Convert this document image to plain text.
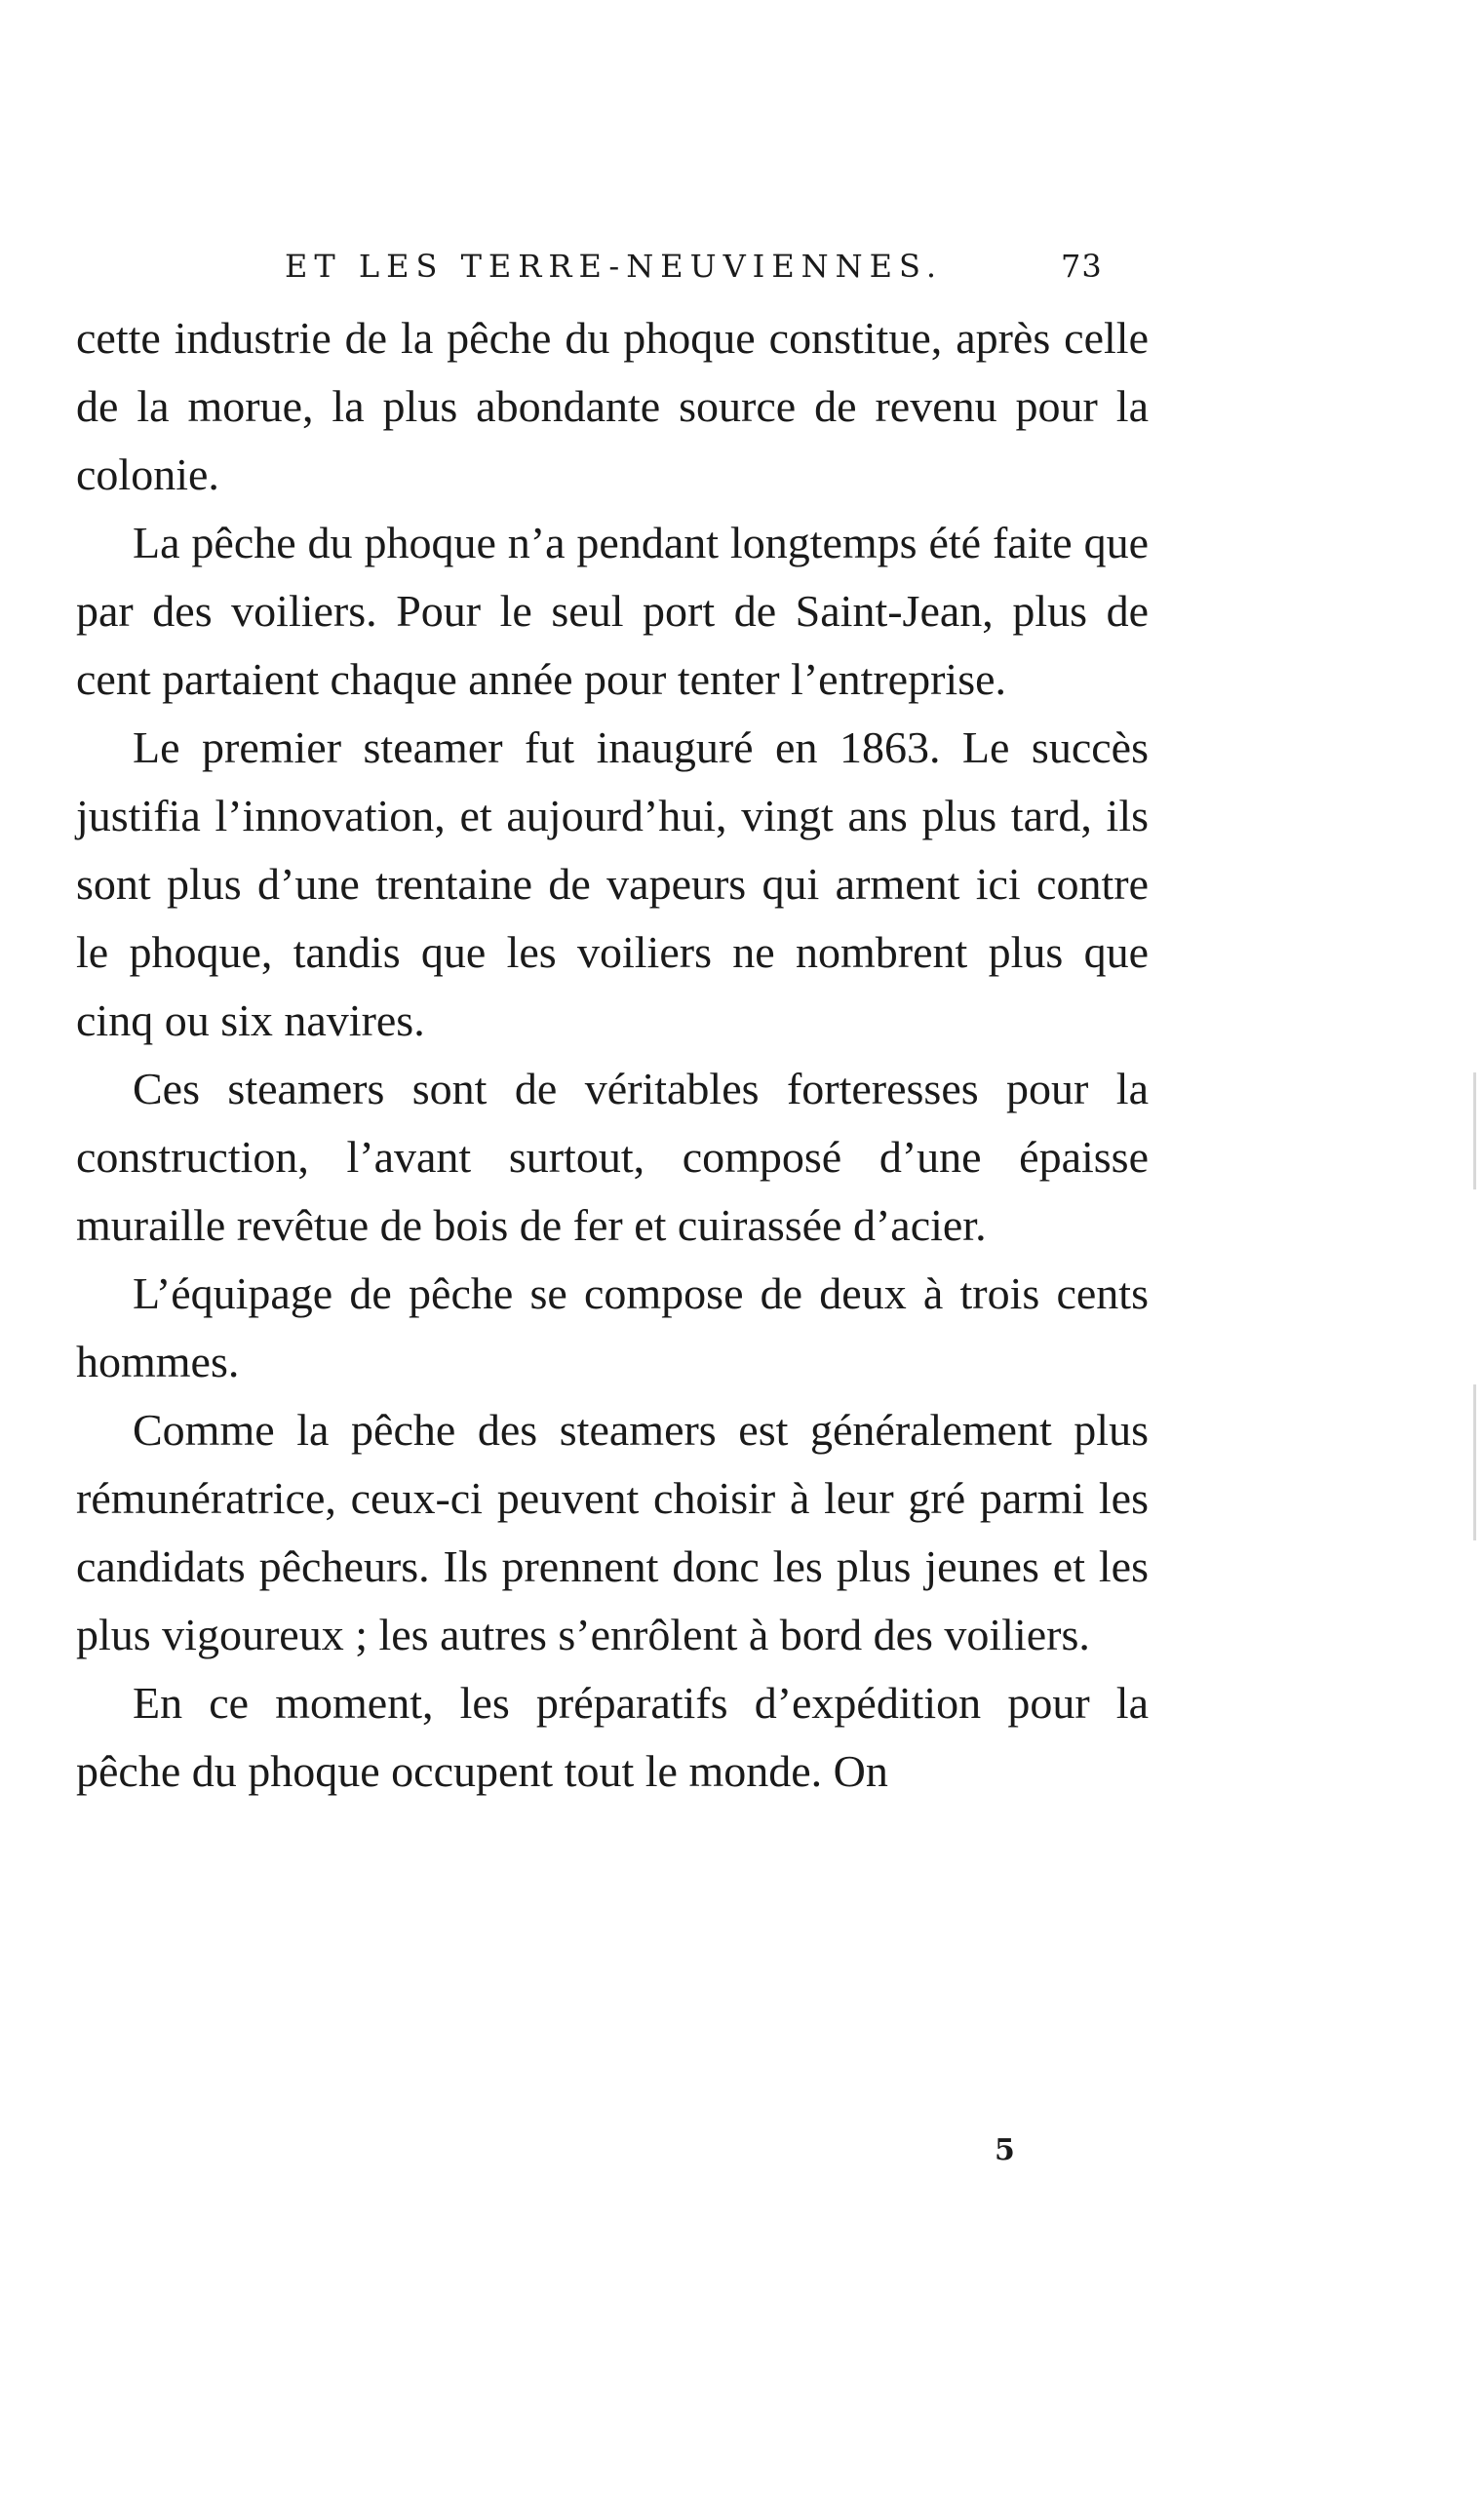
ET LES TERRE-NEUVIENNES.	73

cette industrie de la pêche du phoque constitue, après celle de la morue, la plus abondante source de revenu pour la colonie.

La pêche du phoque n’a pendant longtemps été faite que par des voiliers. Pour le seul port de Saint-Jean, plus de cent partaient chaque année pour tenter l’entreprise.

Le premier steamer fut inauguré en 1863. Le succès justifia l’innovation, et aujourd’hui, vingt ans plus tard, ils sont plus d’une trentaine de vapeurs qui arment ici contre le phoque, tandis que les voiliers ne nombrent plus que cinq ou six navires.

Ces steamers sont de véritables forteresses pour la construction, l’avant surtout, composé d’une épaisse muraille revêtue de bois de fer et cuirassée d’acier.

L’équipage de pêche se compose de deux à trois cents hommes.

Comme la pêche des steamers est généralement plus rémunératrice, ceux-ci peuvent choisir à leur gré parmi les candidats pêcheurs. Ils prennent donc les plus jeunes et les plus vigoureux ; les autres s’enrôlent à bord des voiliers.

En ce moment, les préparatifs d’expédition pour la pêche du phoque occupent tout le monde. On

5
